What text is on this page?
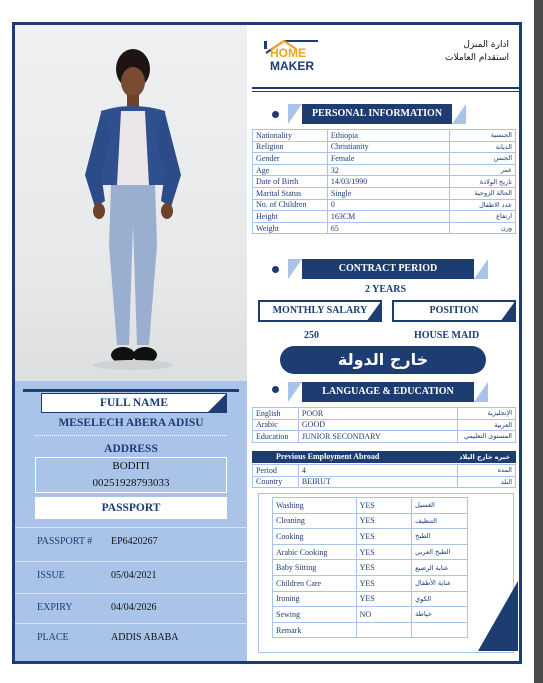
FULL NAME
MESELECH ABERA ADISU
ADDRESS
BODITI
00251928793033
PASSPORT
PASSPORT # EP6420267
ISSUE	05/04/2021
EXPIRY	04/04/2026
PLACE	ADDIS ABABA
HOME
MAKER
ادارة المنزل
استقدام العاملات
PERSONAL INFORMATION
Nationality	Ethiopia	الجنسية
Religion	Christianity	الديانة
Gender	Female	الجنس
Age	32	عمر
Date of Birth	14/03/1990	تاريخ الولادة
Marital Status	Single	الحالة الزوجية
No. of Children	0	عدد الاطفال
Height	163CM	ارتفاع
Weight	65	وزن
CONTRACT PERIOD
2 YEARS
MONTHLY SALARY	POSITION
250	HOUSE MAID
خارج الدولة
LANGUAGE & EDUCATION
English	POOR	الإنجليزية
Arabic	GOOD	العربية
Education	JUNIOR SECONDARY	المستوى التعليمي
Previous Employment Abroad	خبره خارج البلاد
Period	4	المده
Country	BEIRUT	البلد
Washing	YES	الغسيل
Cleaning	YES	التنظيف
Cooking	YES	الطبخ
Arabic Cooking	YES	الطبخ العربي
Baby Sitting	YES	عناية الرضيع
Children Care	YES	عناية الأطفال
Ironing	YES	الكوي
Sewing	NO	خياطة
Remark		
